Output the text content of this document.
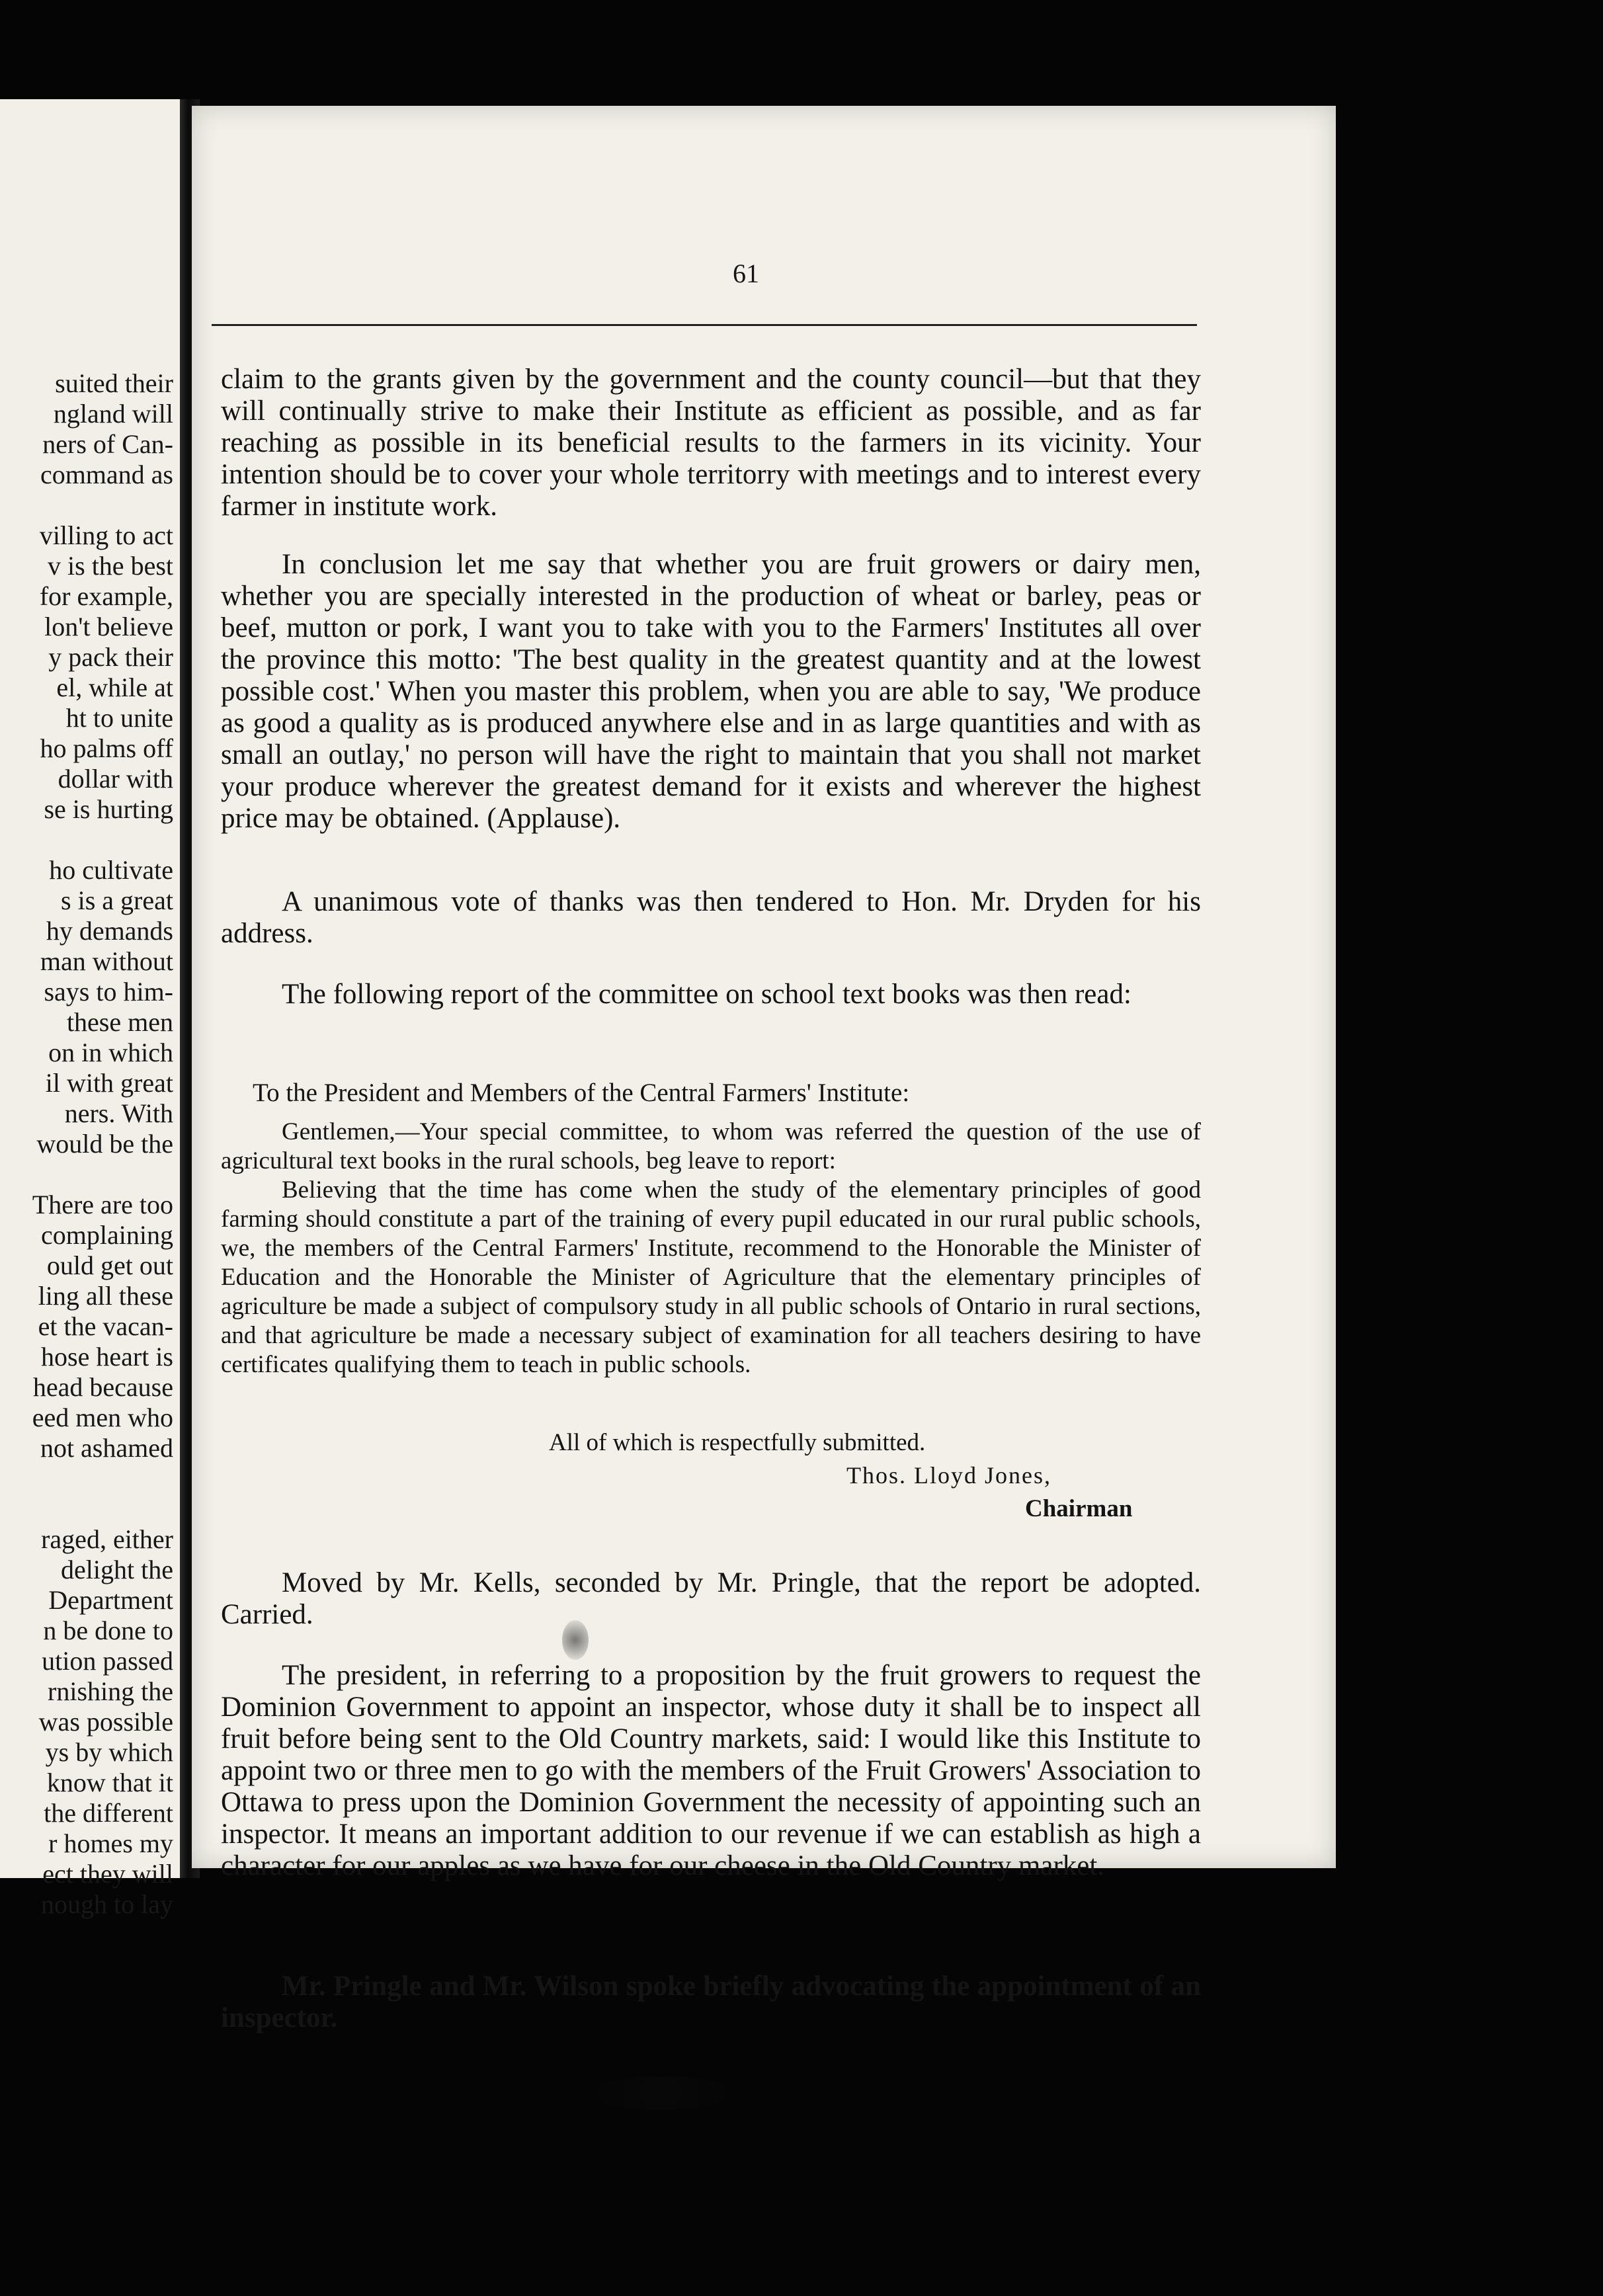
suited their
ngland will
ners of Can-
command as
villing to act
v is the best
for example,
lon't believe
y pack their
el, while at
ht to unite
ho palms off
dollar with
se is hurting
ho cultivate
s is a great
hy demands
man without
says to him-
these men
on in which
il with great
ners. With
would be the
There are too
complaining
ould get out
ling all these
et the vacan-
hose heart is
head because
eed men who
not ashamed
raged, either
delight the
Department
n be done to
ution passed
rnishing the
was possible
ys by which
know that it
the different
r homes my
ect they will
nough to lay
61

claim to the grants given by the government and the county council—but that they will continually strive to make their Institute as efficient as possible, and as far reaching as possible in its beneficial results to the farmers in its vicinity. Your intention should be to cover your whole territorry with meetings and to interest every farmer in institute work.

In conclusion let me say that whether you are fruit growers or dairy men, whether you are specially interested in the production of wheat or barley, peas or beef, mutton or pork, I want you to take with you to the Farmers' Institutes all over the province this motto: 'The best quality in the greatest quantity and at the lowest possible cost.' When you master this problem, when you are able to say, 'We produce as good a quality as is produced anywhere else and in as large quantities and with as small an outlay,' no person will have the right to maintain that you shall not market your produce wherever the greatest demand for it exists and wherever the highest price may be obtained. (Applause).

A unanimous vote of thanks was then tendered to Hon. Mr. Dryden for his address.

The following report of the committee on school text books was then read:

To the President and Members of the Central Farmers' Institute:

Gentlemen,—Your special committee, to whom was referred the question of the use of agricultural text books in the rural schools, beg leave to report:

Believing that the time has come when the study of the elementary principles of good farming should constitute a part of the training of every pupil educated in our rural public schools, we, the members of the Central Farmers' Institute, recommend to the Honorable the Minister of Education and the Honorable the Minister of Agriculture that the elementary principles of agriculture be made a subject of compulsory study in all public schools of Ontario in rural sections, and that agriculture be made a necessary subject of examination for all teachers desiring to have certificates qualifying them to teach in public schools.

All of which is respectfully submitted.
Thos. Lloyd Jones,
Chairman

Moved by Mr. Kells, seconded by Mr. Pringle, that the report be adopted. Carried.

The president, in referring to a proposition by the fruit growers to request the Dominion Government to appoint an inspector, whose duty it shall be to inspect all fruit before being sent to the Old Country markets, said: I would like this Institute to appoint two or three men to go with the members of the Fruit Growers' Association to Ottawa to press upon the Dominion Government the necessity of appointing such an inspector. It means an important addition to our revenue if we can establish as high a character for our apples as we have for our cheese in the Old Country market.

Mr. Pringle and Mr. Wilson spoke briefly advocating the appointment of an inspector.
